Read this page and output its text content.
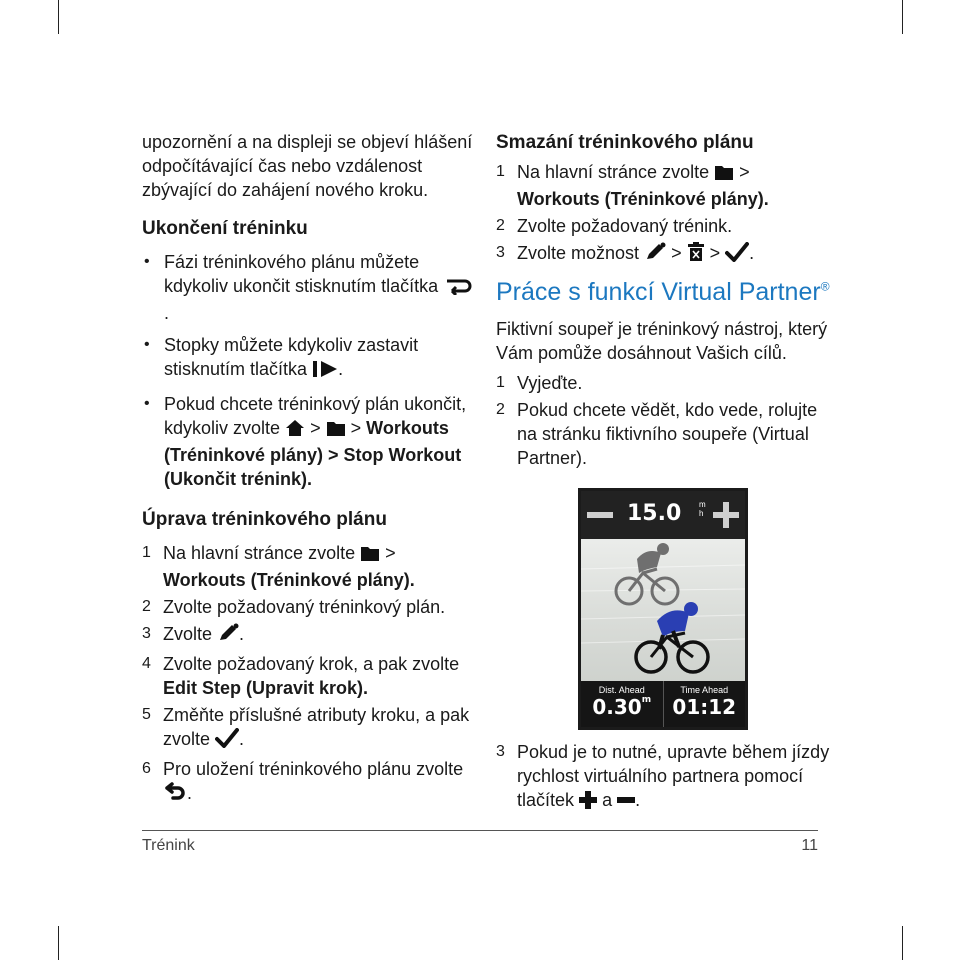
upozornění a na displeji se objeví hlášení odpočítávající čas nebo vzdálenost zbývající do zahájení nového kroku.

Ukončení tréninku
• Fázi tréninkového plánu můžete kdykoliv ukončit stisknutím tlačítka .
• Stopky můžete kdykoliv zastavit stisknutím tlačítka .
• Pokud chcete tréninkový plán ukončit, kdykoliv zvolte > > Workouts (Tréninkové plány) > Stop Workout (Ukončit trénink).
Úprava tréninkového plánu
1 Na hlavní stránce zvolte > Workouts (Tréninkové plány).
2 Zvolte požadovaný tréninkový plán.
3 Zvolte .
4 Zvolte požadovaný krok, a pak zvolte Edit Step (Upravit krok).
5 Změňte příslušné atributy kroku, a pak zvolte .
6 Pro uložení tréninkového plánu zvolte .
Smazání tréninkového plánu
1 Na hlavní stránce zvolte > Workouts (Tréninkové plány).
2 Zvolte požadovaný trénink.
3 Zvolte možnost > > .
Práce s funkcí Virtual Partner®

Fiktivní soupeř je tréninkový nástroj, který Vám pomůže dosáhnout Vašich cílů.

1 Vyjeďte.
2 Pokud chcete vědět, kdo vede, rolujte na stránku fiktivního soupeře (Virtual Partner).
15.0 m
h
Dist. Ahead
0.30$^m$
Time Ahead
01:12
3 Pokud je to nutné, upravte během jízdy rychlost virtuálního partnera pomocí tlačítek a .
Trénink	11
